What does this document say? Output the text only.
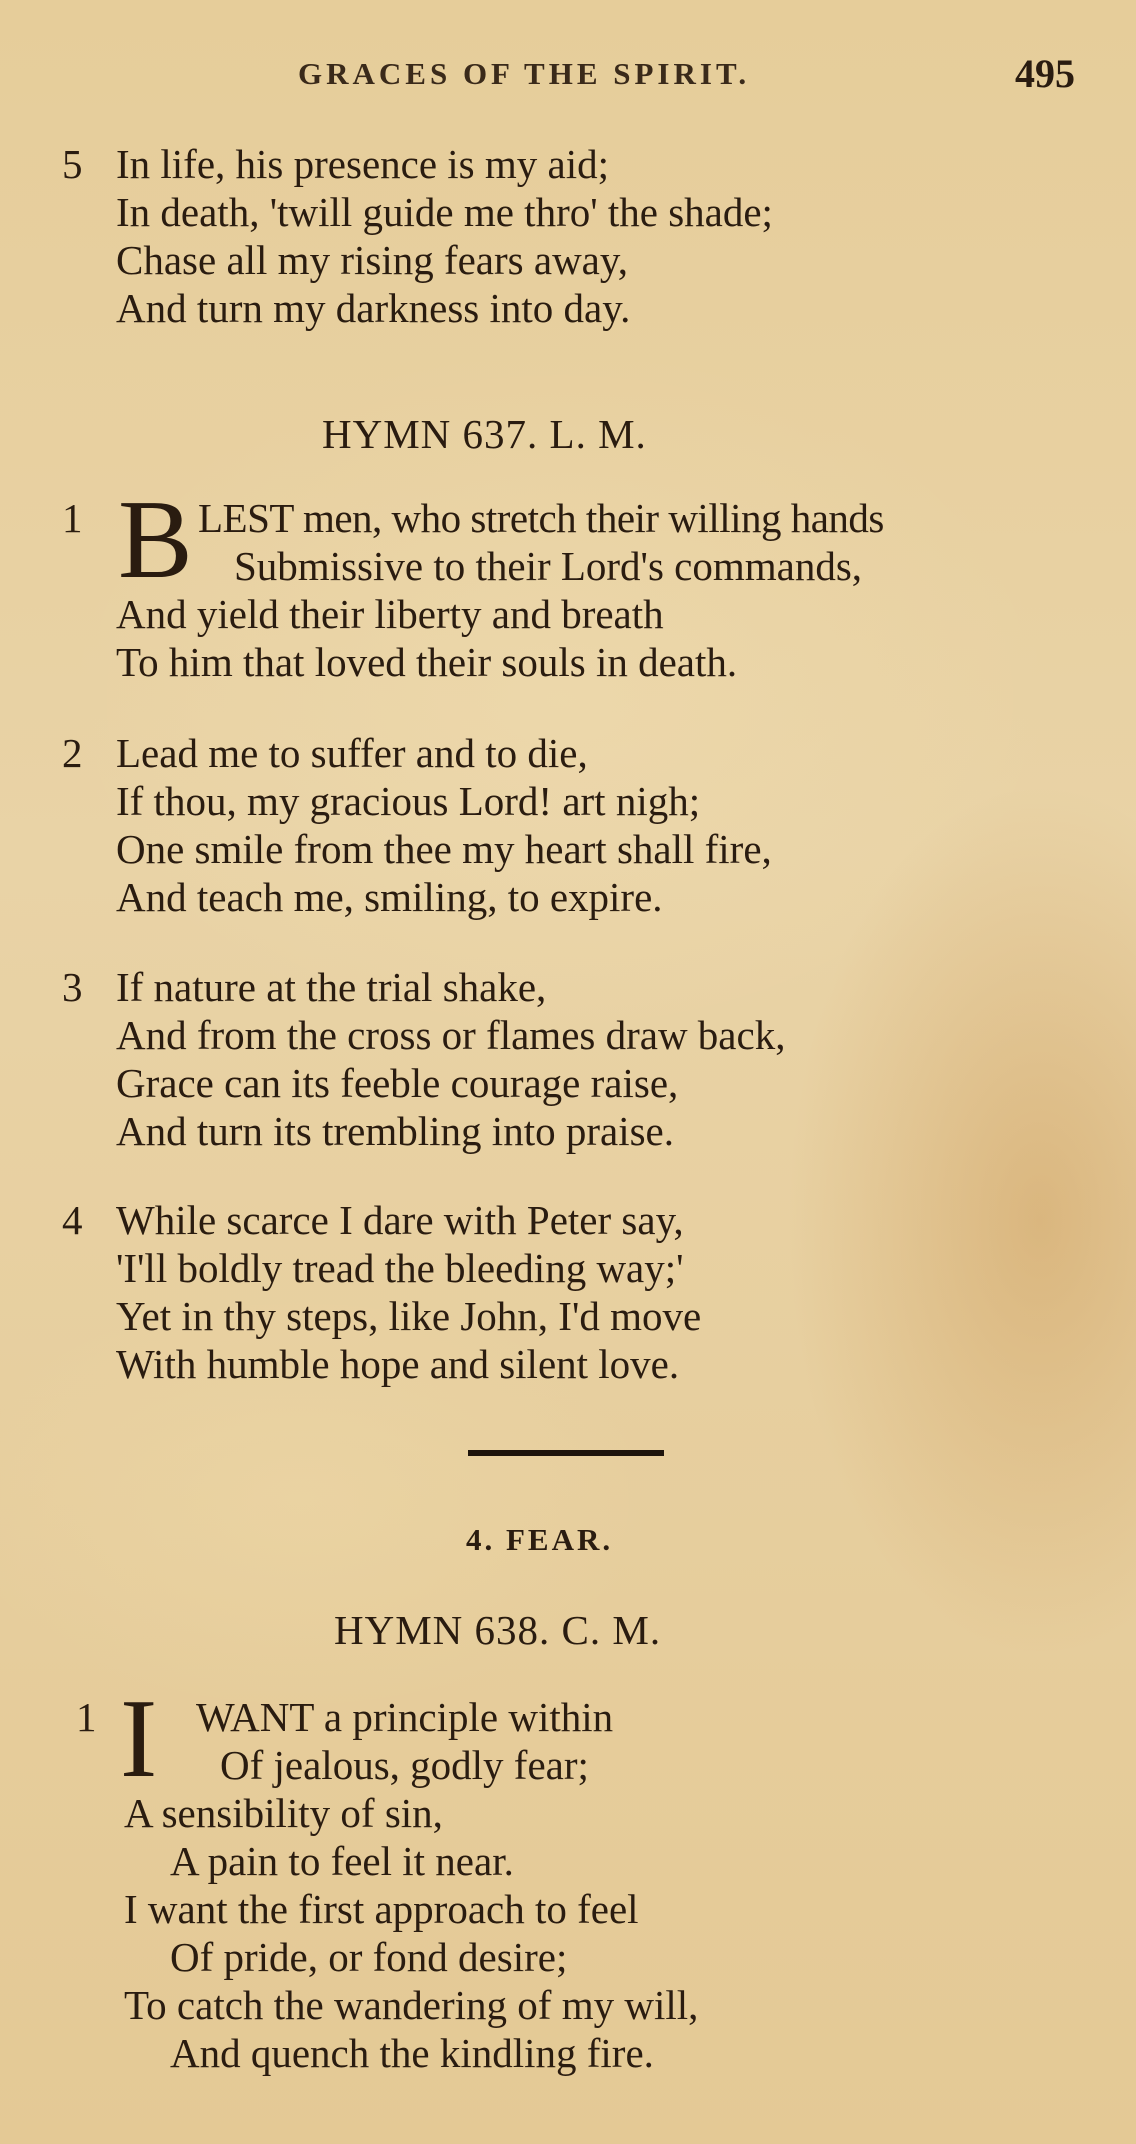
GRACES OF THE SPIRIT.	495
5 In life, his presence is my aid;
In death, 'twill guide me thro' the shade;
Chase all my rising fears away,
And turn my darkness into day.
HYMN 637. L. M.
1 B LEST men, who stretch their willing hands
Submissive to their Lord's commands,
And yield their liberty and breath
To him that loved their souls in death.
2 Lead me to suffer and to die,
If thou, my gracious Lord! art nigh;
One smile from thee my heart shall fire,
And teach me, smiling, to expire.
3 If nature at the trial shake,
And from the cross or flames draw back,
Grace can its feeble courage raise,
And turn its trembling into praise.
4 While scarce I dare with Peter say,
'I'll boldly tread the bleeding way;'
Yet in thy steps, like John, I'd move
With humble hope and silent love.
4. FEAR.
HYMN 638. C. M.
1 I WANT a principle within
Of jealous, godly fear;
A sensibility of sin,
A pain to feel it near.
I want the first approach to feel
Of pride, or fond desire;
To catch the wandering of my will,
And quench the kindling fire.
